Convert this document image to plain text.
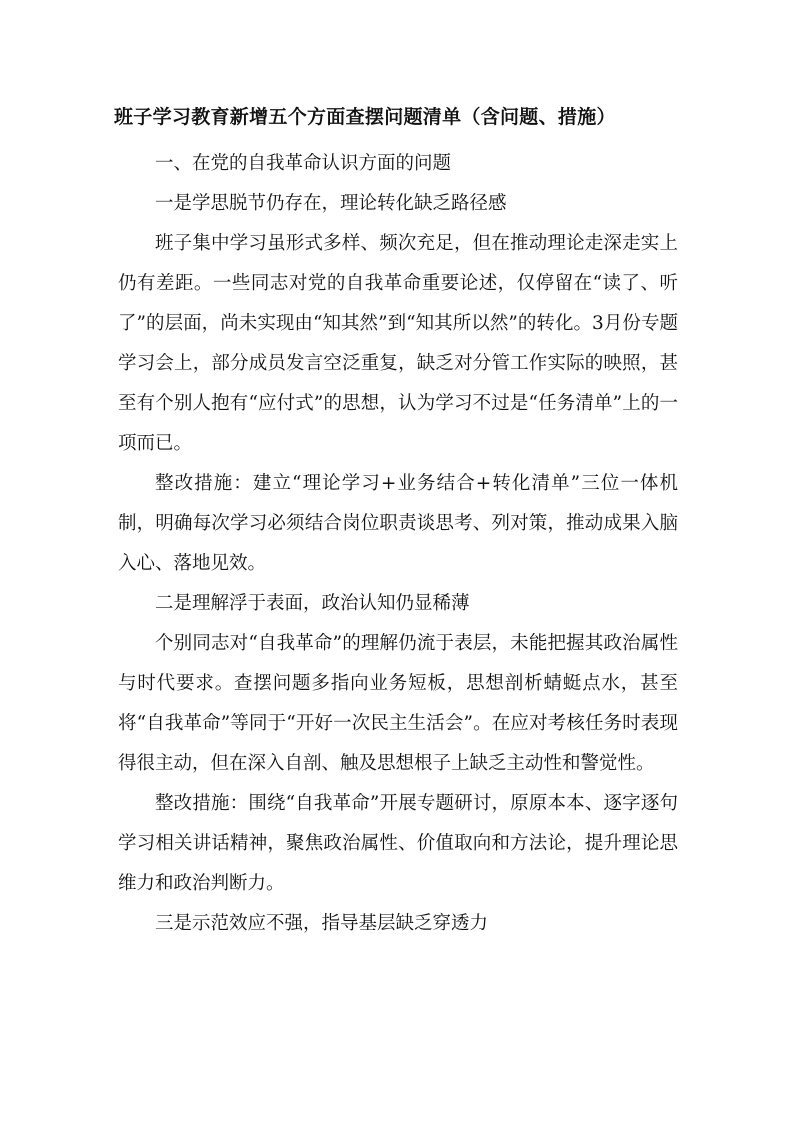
班子学习教育新增五个方面查摆问题清单（含问题、措施）

一、在党的自我革命认识方面的问题

一是学思脱节仍存在，理论转化缺乏路径感

班子集中学习虽形式多样、频次充足，但在推动理论走深走实上仍有差距。一些同志对党的自我革命重要论述，仅停留在“读了、听了”的层面，尚未实现由“知其然”到“知其所以然”的转化。3月份专题学习会上，部分成员发言空泛重复，缺乏对分管工作实际的映照，甚至有个别人抱有“应付式”的思想，认为学习不过是“任务清单”上的一项而已。

整改措施：建立“理论学习+业务结合+转化清单”三位一体机制，明确每次学习必须结合岗位职责谈思考、列对策，推动成果入脑入心、落地见效。

二是理解浮于表面，政治认知仍显稀薄

个别同志对“自我革命”的理解仍流于表层，未能把握其政治属性与时代要求。查摆问题多指向业务短板，思想剖析蜻蜓点水，甚至将“自我革命”等同于“开好一次民主生活会”。在应对考核任务时表现得很主动，但在深入自剖、触及思想根子上缺乏主动性和警觉性。

整改措施：围绕“自我革命”开展专题研讨，原原本本、逐字逐句学习相关讲话精神，聚焦政治属性、价值取向和方法论，提升理论思维力和政治判断力。

三是示范效应不强，指导基层缺乏穿透力
